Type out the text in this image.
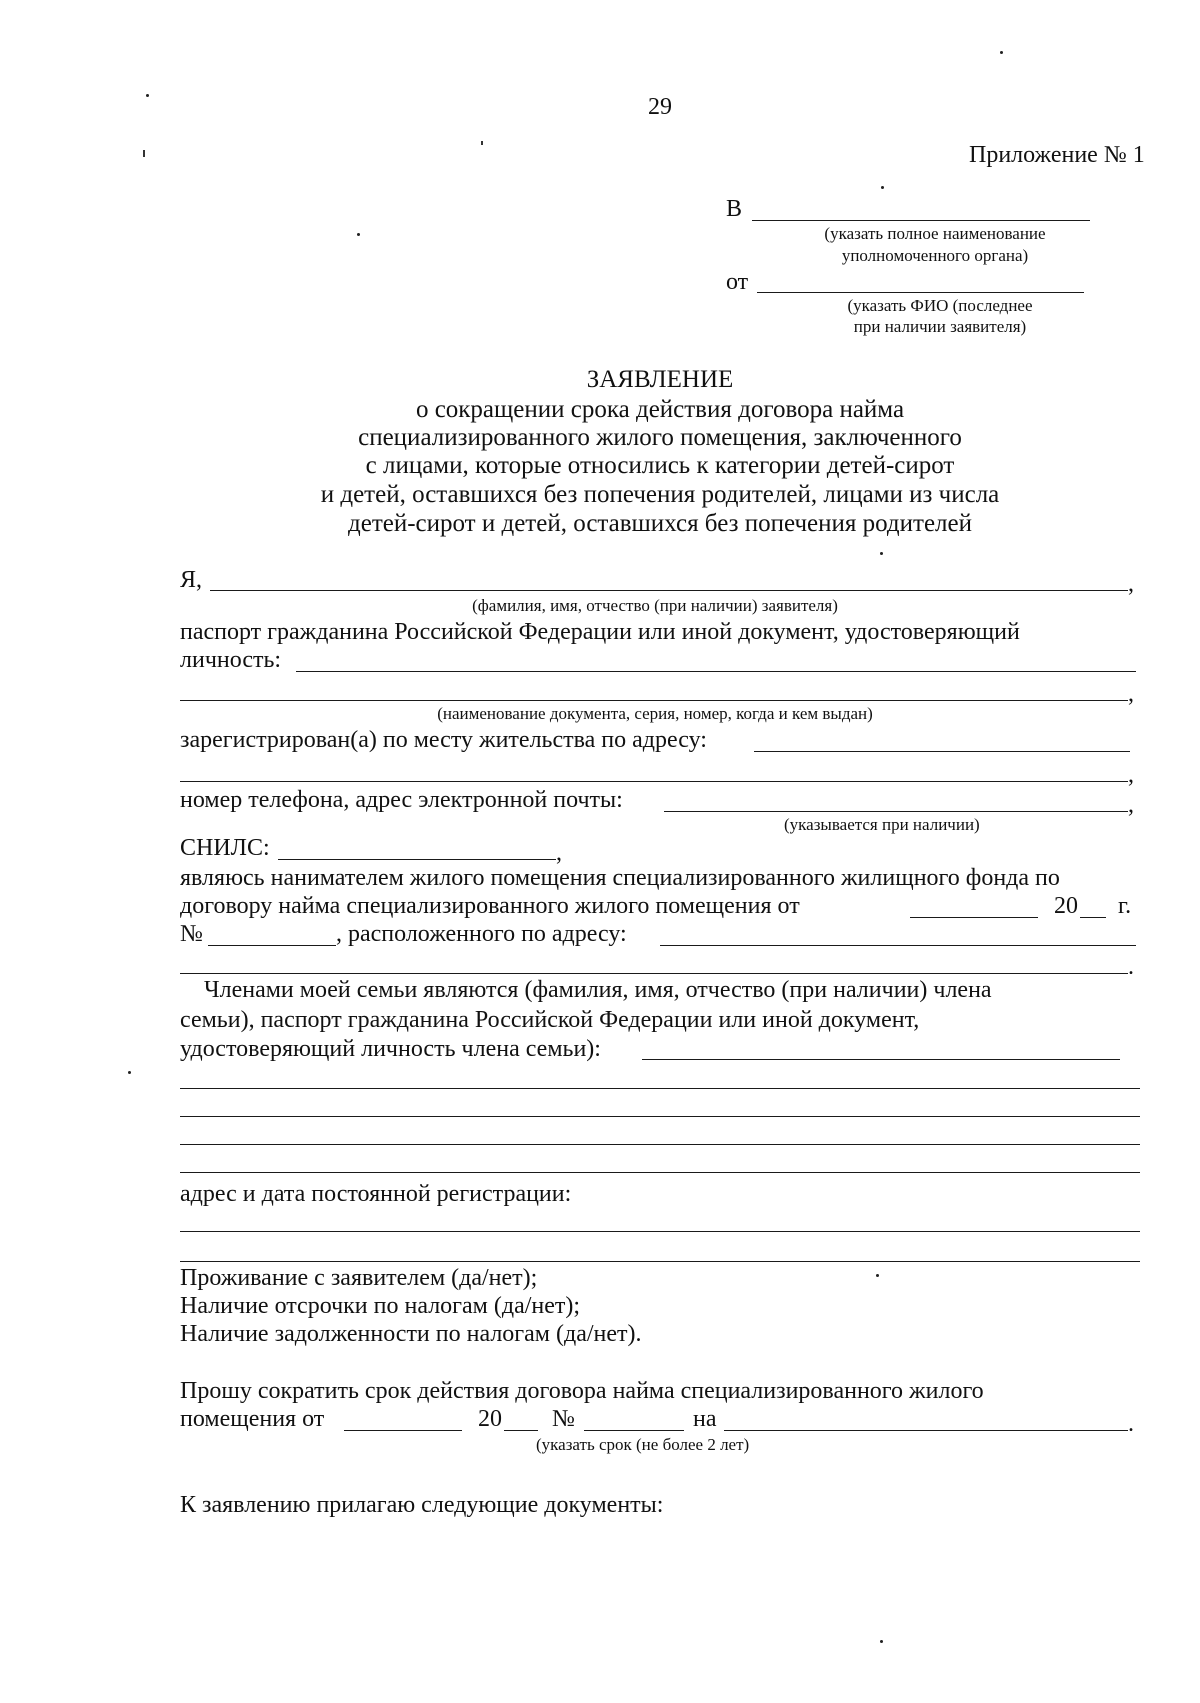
29
Приложение № 1
В
(указать полное наименование
уполномоченного органа)
от
(указать ФИО (последнее
при наличии заявителя)
ЗАЯВЛЕНИЕ
о сокращении срока действия договора найма
специализированного жилого помещения, заключенного
с лицами, которые относились к категории детей-сирот
и детей, оставшихся без попечения родителей, лицами из числа
детей-сирот и детей, оставшихся без попечения родителей
Я,	,
(фамилия, имя, отчество (при наличии) заявителя)
паспорт гражданина Российской Федерации или иной документ, удостоверяющий
личность:
,
(наименование документа, серия, номер, когда и кем выдан)
зарегистрирован(а) по месту жительства по адресу:
,
номер телефона, адрес электронной почты:	,
(указывается при наличии)
СНИЛС:	,
являюсь нанимателем жилого помещения специализированного жилищного фонда по
договору найма специализированного жилого помещения от	20 г.
№	, расположенного по адресу:
.
Членами моей семьи являются (фамилия, имя, отчество (при наличии) члена
семьи), паспорт гражданина Российской Федерации или иной документ,
удостоверяющий личность члена семьи):
адрес и дата постоянной регистрации:
Проживание с заявителем (да/нет);
Наличие отсрочки по налогам (да/нет);
Наличие задолженности по налогам (да/нет).
Прошу сократить срок действия договора найма специализированного жилого
помещения от	20 №	на	.
(указать срок (не более 2 лет)
К заявлению прилагаю следующие документы:
